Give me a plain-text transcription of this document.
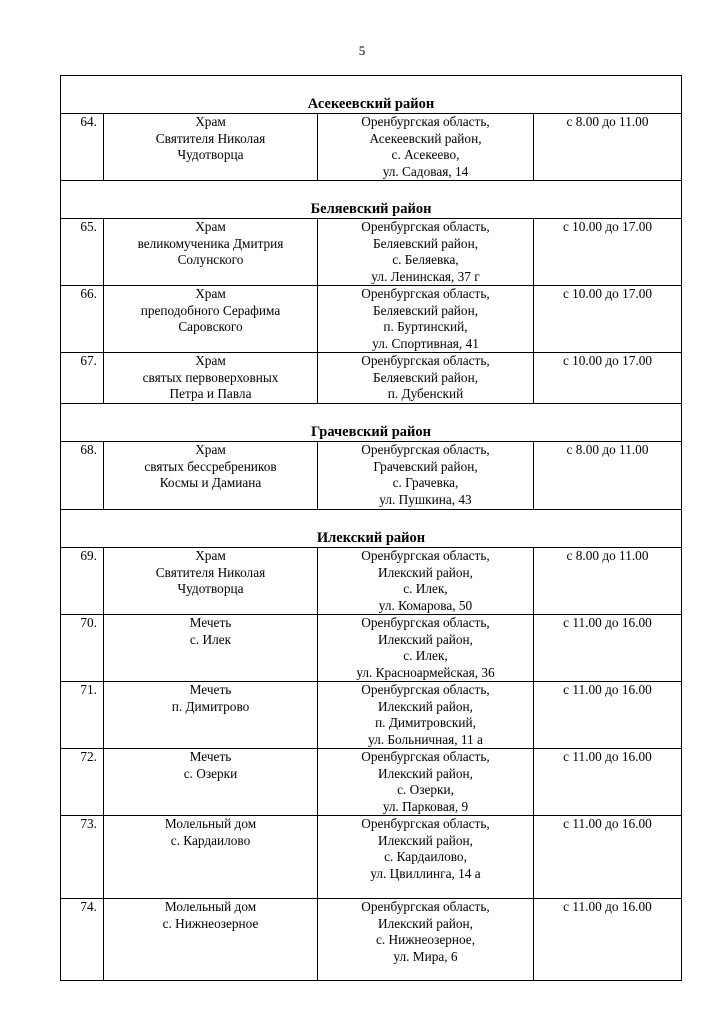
5
Асекеевский район			
64.	Храм
Святителя Николая
Чудотворца	Оренбургская область,
Асекеевский район,
с. Асекеево,
ул. Садовая, 14	с 8.00 до 11.00
Беляевский район			
65.	Храм
великомученика Дмитрия
Солунского	Оренбургская область,
Беляевский район,
с. Беляевка,
ул. Ленинская, 37 г	с 10.00 до 17.00
66.	Храм
преподобного Серафима
Саровского	Оренбургская область,
Беляевский район,
п. Буртинский,
ул. Спортивная, 41	с 10.00 до 17.00
67.	Храм
святых первоверховных
Петра и Павла	Оренбургская область,
Беляевский район,
п. Дубенский	с 10.00 до 17.00
Грачевский район			
68.	Храм
святых бессребреников
Космы и Дамиана	Оренбургская область,
Грачевский район,
с. Грачевка,
ул. Пушкина, 43	с 8.00 до 11.00
Илекский район			
69.	Храм
Святителя Николая
Чудотворца	Оренбургская область,
Илекский район,
с. Илек,
ул. Комарова, 50	с 8.00 до 11.00
70.	Мечеть
с. Илек	Оренбургская область,
Илекский район,
с. Илек,
ул. Красноармейская, 36	с 11.00 до 16.00
71.	Мечеть
п. Димитрово	Оренбургская область,
Илекский район,
п. Димитровский,
ул. Больничная, 11 а	с 11.00 до 16.00
72.	Мечеть
с. Озерки	Оренбургская область,
Илекский район,
с. Озерки,
ул. Парковая, 9	с 11.00 до 16.00
73.	Молельный дом
с. Кардаилово	Оренбургская область,
Илекский район,
с. Кардаилово,
ул. Цвиллинга, 14 а	с 11.00 до 16.00
74.	Молельный дом
с. Нижнеозерное	Оренбургская область,
Илекский район,
с. Нижнеозерное,
ул. Мира, 6	с 11.00 до 16.00
